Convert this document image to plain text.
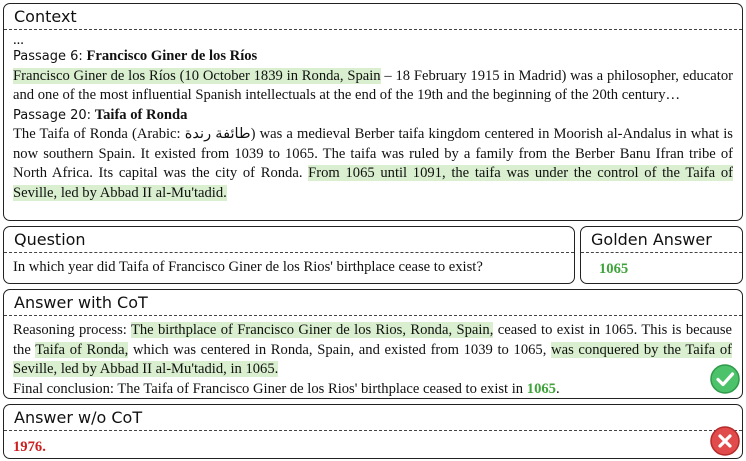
Context
...
Passage 6: Francisco Giner de los Ríos
Francisco Giner de los Ríos (10 October 1839 in Ronda, Spain – 18 February 1915 in Madrid) was a philosopher, educator and one of the most influential Spanish intellectuals at the end of the 19th and the beginning of the 20th century…
Passage 20: Taifa of Ronda
The Taifa of Ronda (Arabic: طائفة رندة) was a medieval Berber taifa kingdom centered in Moorish al-Andalus in what is now southern Spain. It existed from 1039 to 1065. The taifa was ruled by a family from the Berber Banu Ifran tribe of North Africa. Its capital was the city of Ronda. From 1065 until 1091, the taifa was under the control of the Taifa of Seville, led by Abbad II al-Mu'tadid.
Question
In which year did Taifa of Francisco Giner de los Rios' birthplace cease to exist?
Golden Answer
1065
Answer with CoT
Reasoning process: The birthplace of Francisco Giner de los Rios, Ronda, Spain, ceased to exist in 1065. This is because the Taifa of Ronda, which was centered in Ronda, Spain, and existed from 1039 to 1065, was conquered by the Taifa of Seville, led by Abbad II al-Mu'tadid, in 1065.
Final conclusion: The Taifa of Francisco Giner de los Rios' birthplace ceased to exist in 1065.
Answer w/o CoT
1976.
